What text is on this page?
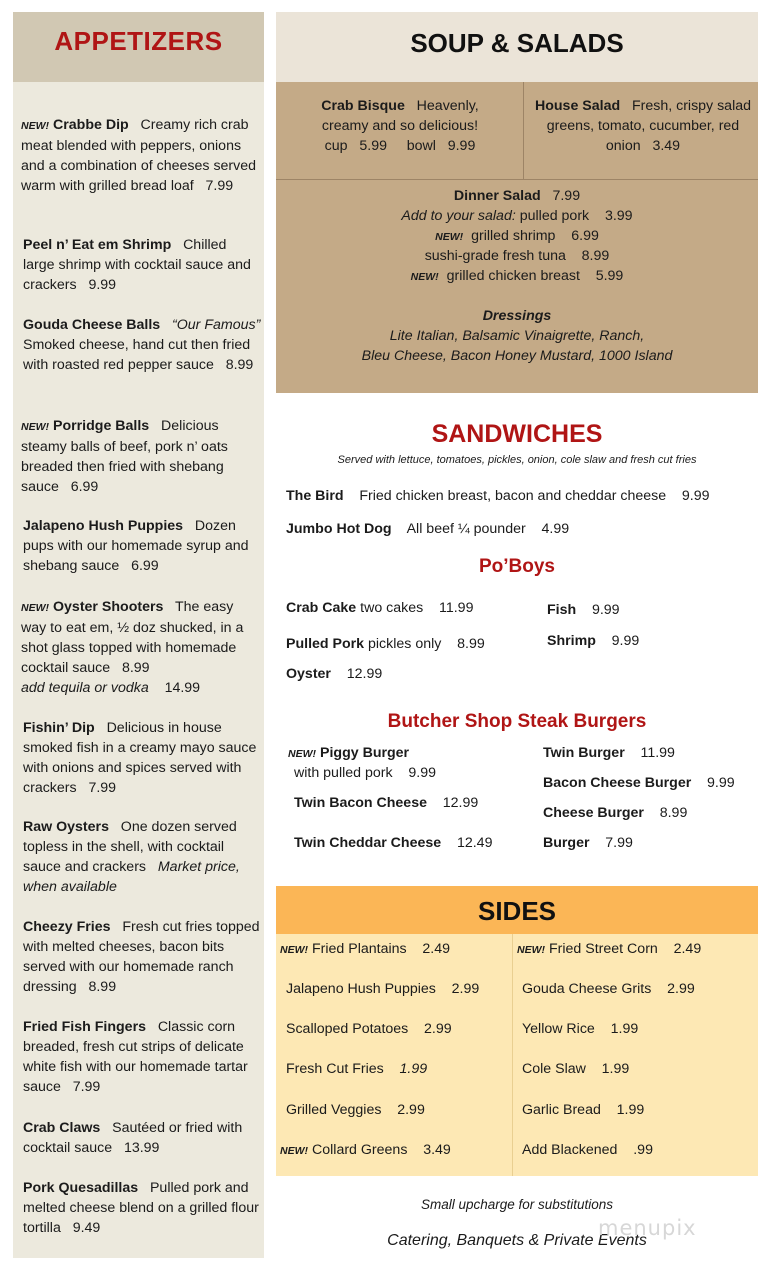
APPETIZERS
NEW! Crabbe Dip Creamy rich crab meat blended with peppers, onions and a combination of cheeses served warm with grilled bread loaf 7.99
Peel n’ Eat em Shrimp Chilled large shrimp with cocktail sauce and crackers 9.99
Gouda Cheese Balls “Our Famous” Smoked cheese, hand cut then fried with roasted red pepper sauce 8.99
NEW! Porridge Balls Delicious steamy balls of beef, pork n’ oats breaded then fried with shebang sauce 6.99
Jalapeno Hush Puppies Dozen pups with our homemade syrup and shebang sauce 6.99
NEW! Oyster Shooters The easy way to eat em, ½ doz shucked, in a shot glass topped with homemade cocktail sauce 8.99
add tequila or vodka 14.99
Fishin’ Dip Delicious in house smoked fish in a creamy mayo sauce with onions and spices served with crackers 7.99
Raw Oysters One dozen served topless in the shell, with cocktail sauce and crackers Market price, when available
Cheezy Fries Fresh cut fries topped with melted cheeses, bacon bits served with our homemade ranch dressing 8.99
Fried Fish Fingers Classic corn breaded, fresh cut strips of delicate white fish with our homemade tartar sauce 7.99
Crab Claws Sautéed or fried with cocktail sauce 13.99
Pork Quesadillas Pulled pork and melted cheese blend on a grilled flour tortilla 9.49
SOUP & SALADS
Crab Bisque Heavenly, creamy and so delicious!
cup 5.99 bowl 9.99
House Salad Fresh, crispy salad greens, tomato, cucumber, red onion 3.49
Dinner Salad 7.99
Add to your salad: pulled pork 3.99
NEW! grilled shrimp 6.99
sushi-grade fresh tuna 8.99
NEW! grilled chicken breast 5.99
Dressings
Lite Italian, Balsamic Vinaigrette, Ranch,
Bleu Cheese, Bacon Honey Mustard, 1000 Island
SANDWICHES
Served with lettuce, tomatoes, pickles, onion, cole slaw and fresh cut fries
The Bird Fried chicken breast, bacon and cheddar cheese 9.99
Jumbo Hot Dog All beef ¼ pounder 4.99
Po’Boys
Crab Cake two cakes 11.99
Pulled Pork pickles only 8.99
Oyster 12.99
Fish 9.99
Shrimp 9.99
Butcher Shop Steak Burgers
NEW! Piggy Burger
with pulled pork 9.99
Twin Bacon Cheese 12.99
Twin Cheddar Cheese 12.49
Twin Burger 11.99
Bacon Cheese Burger 9.99
Cheese Burger 8.99
Burger 7.99
SIDES
NEW! Fried Plantains 2.49
Jalapeno Hush Puppies 2.99
Scalloped Potatoes 2.99
Fresh Cut Fries 1.99
Grilled Veggies 2.99
NEW! Collard Greens 3.49
NEW! Fried Street Corn 2.49
Gouda Cheese Grits 2.99
Yellow Rice 1.99
Cole Slaw 1.99
Garlic Bread 1.99
Add Blackened .99
Small upcharge for substitutions
Catering, Banquets & Private Events
menupix
